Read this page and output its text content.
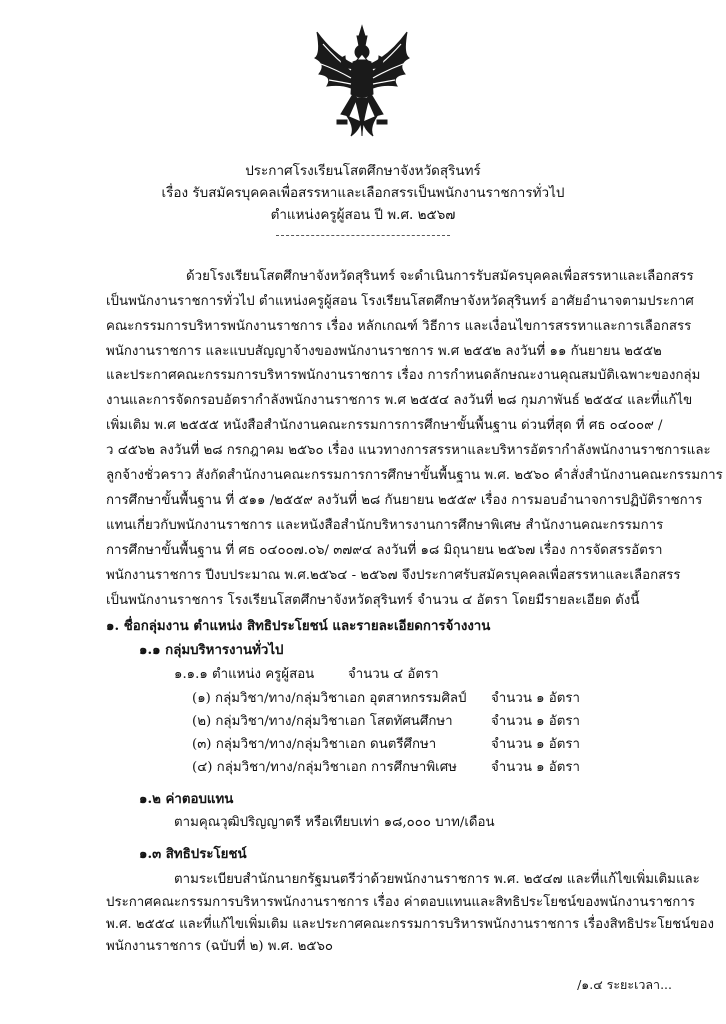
ประกาศโรงเรียนโสตศึกษาจังหวัดสุรินทร์
เรื่อง รับสมัครบุคคลเพื่อสรรหาและเลือกสรรเป็นพนักงานราชการทั่วไป
ตำแหน่งครูผู้สอน ปี พ.ศ. ๒๕๖๗
ด้วยโรงเรียนโสตศึกษาจังหวัดสุรินทร์ จะดำเนินการรับสมัครบุคคลเพื่อสรรหาและเลือกสรร
เป็นพนักงานราชการทั่วไป ตำแหน่งครูผู้สอน โรงเรียนโสตศึกษาจังหวัดสุรินทร์ อาศัยอำนาจตามประกาศ
คณะกรรมการบริหารพนักงานราชการ เรื่อง หลักเกณฑ์ วิธีการ และเงื่อนไขการสรรหาและการเลือกสรร
พนักงานราชการ และแบบสัญญาจ้างของพนักงานราชการ พ.ศ ๒๕๕๒ ลงวันที่ ๑๑ กันยายน ๒๕๕๒
และประกาศคณะกรรมการบริหารพนักงานราชการ เรื่อง การกำหนดลักษณะงานคุณสมบัติเฉพาะของกลุ่ม
งานและการจัดกรอบอัตรากำลังพนักงานราชการ พ.ศ ๒๕๕๔ ลงวันที่ ๒๘ กุมภาพันธ์ ๒๕๕๔ และที่แก้ไข
เพิ่มเติม พ.ศ ๒๕๕๕ หนังสือสำนักงานคณะกรรมการการศึกษาขั้นพื้นฐาน ด่วนที่สุด ที่ ศธ ๐๔๐๐๙ /
ว ๔๕๖๒ ลงวันที่ ๒๘ กรกฎาคม ๒๕๖๐ เรื่อง แนวทางการสรรหาและบริหารอัตรากำลังพนักงานราชการและ
ลูกจ้างชั่วคราว สังกัดสำนักงานคณะกรรมการการศึกษาขั้นพื้นฐาน พ.ศ. ๒๕๖๐ คำสั่งสำนักงานคณะกรรมการ
การศึกษาขั้นพื้นฐาน ที่ ๕๑๑ /๒๕๕๙ ลงวันที่ ๒๘ กันยายน ๒๕๕๙ เรื่อง การมอบอำนาจการปฏิบัติราชการ
แทนเกี่ยวกับพนักงานราชการ และหนังสือสำนักบริหารงานการศึกษาพิเศษ สำนักงานคณะกรรมการ
การศึกษาขั้นพื้นฐาน ที่ ศธ ๐๔๐๐๗.๐๖/ ๓๗๙๔ ลงวันที่ ๑๘ มิถุนายน ๒๕๖๗ เรื่อง การจัดสรรอัตรา
พนักงานราชการ ปีงบประมาณ พ.ศ.๒๕๖๔ - ๒๕๖๗ จึงประกาศรับสมัครบุคคลเพื่อสรรหาและเลือกสรร
เป็นพนักงานราชการ โรงเรียนโสตศึกษาจังหวัดสุรินทร์ จำนวน ๔ อัตรา โดยมีรายละเอียด ดังนี้
๑. ชื่อกลุ่มงาน ตำแหน่ง สิทธิประโยชน์ และรายละเอียดการจ้างงาน
๑.๑ กลุ่มบริหารงานทั่วไป
๑.๑.๑ ตำแหน่ง ครูผู้สอน	จำนวน ๔ อัตรา
(๑) กลุ่มวิชา/ทาง/กลุ่มวิชาเอก อุตสาหกรรมศิลป์ จำนวน ๑ อัตรา
(๒) กลุ่มวิชา/ทาง/กลุ่มวิชาเอก โสตทัศนศึกษา	จำนวน ๑ อัตรา
(๓) กลุ่มวิชา/ทาง/กลุ่มวิชาเอก ดนตรีศึกษา	จำนวน ๑ อัตรา
(๔) กลุ่มวิชา/ทาง/กลุ่มวิชาเอก การศึกษาพิเศษ	จำนวน ๑ อัตรา
๑.๒ ค่าตอบแทน
ตามคุณวุฒิปริญญาตรี หรือเทียบเท่า ๑๘,๐๐๐ บาท/เดือน
๑.๓ สิทธิประโยชน์
ตามระเบียบสำนักนายกรัฐมนตรีว่าด้วยพนักงานราชการ พ.ศ. ๒๕๔๗ และที่แก้ไขเพิ่มเติมและ
ประกาศคณะกรรมการบริหารพนักงานราชการ เรื่อง ค่าตอบแทนและสิทธิประโยชน์ของพนักงานราชการ
/๑.๔ ระยะเวลา...
พ.ศ. ๒๕๕๔ และที่แก้ไขเพิ่มเติม และประกาศคณะกรรมการบริหารพนักงานราชการ เรื่องสิทธิประโยชน์ของ
พนักงานราชการ (ฉบับที่ ๒) พ.ศ. ๒๕๖๐
